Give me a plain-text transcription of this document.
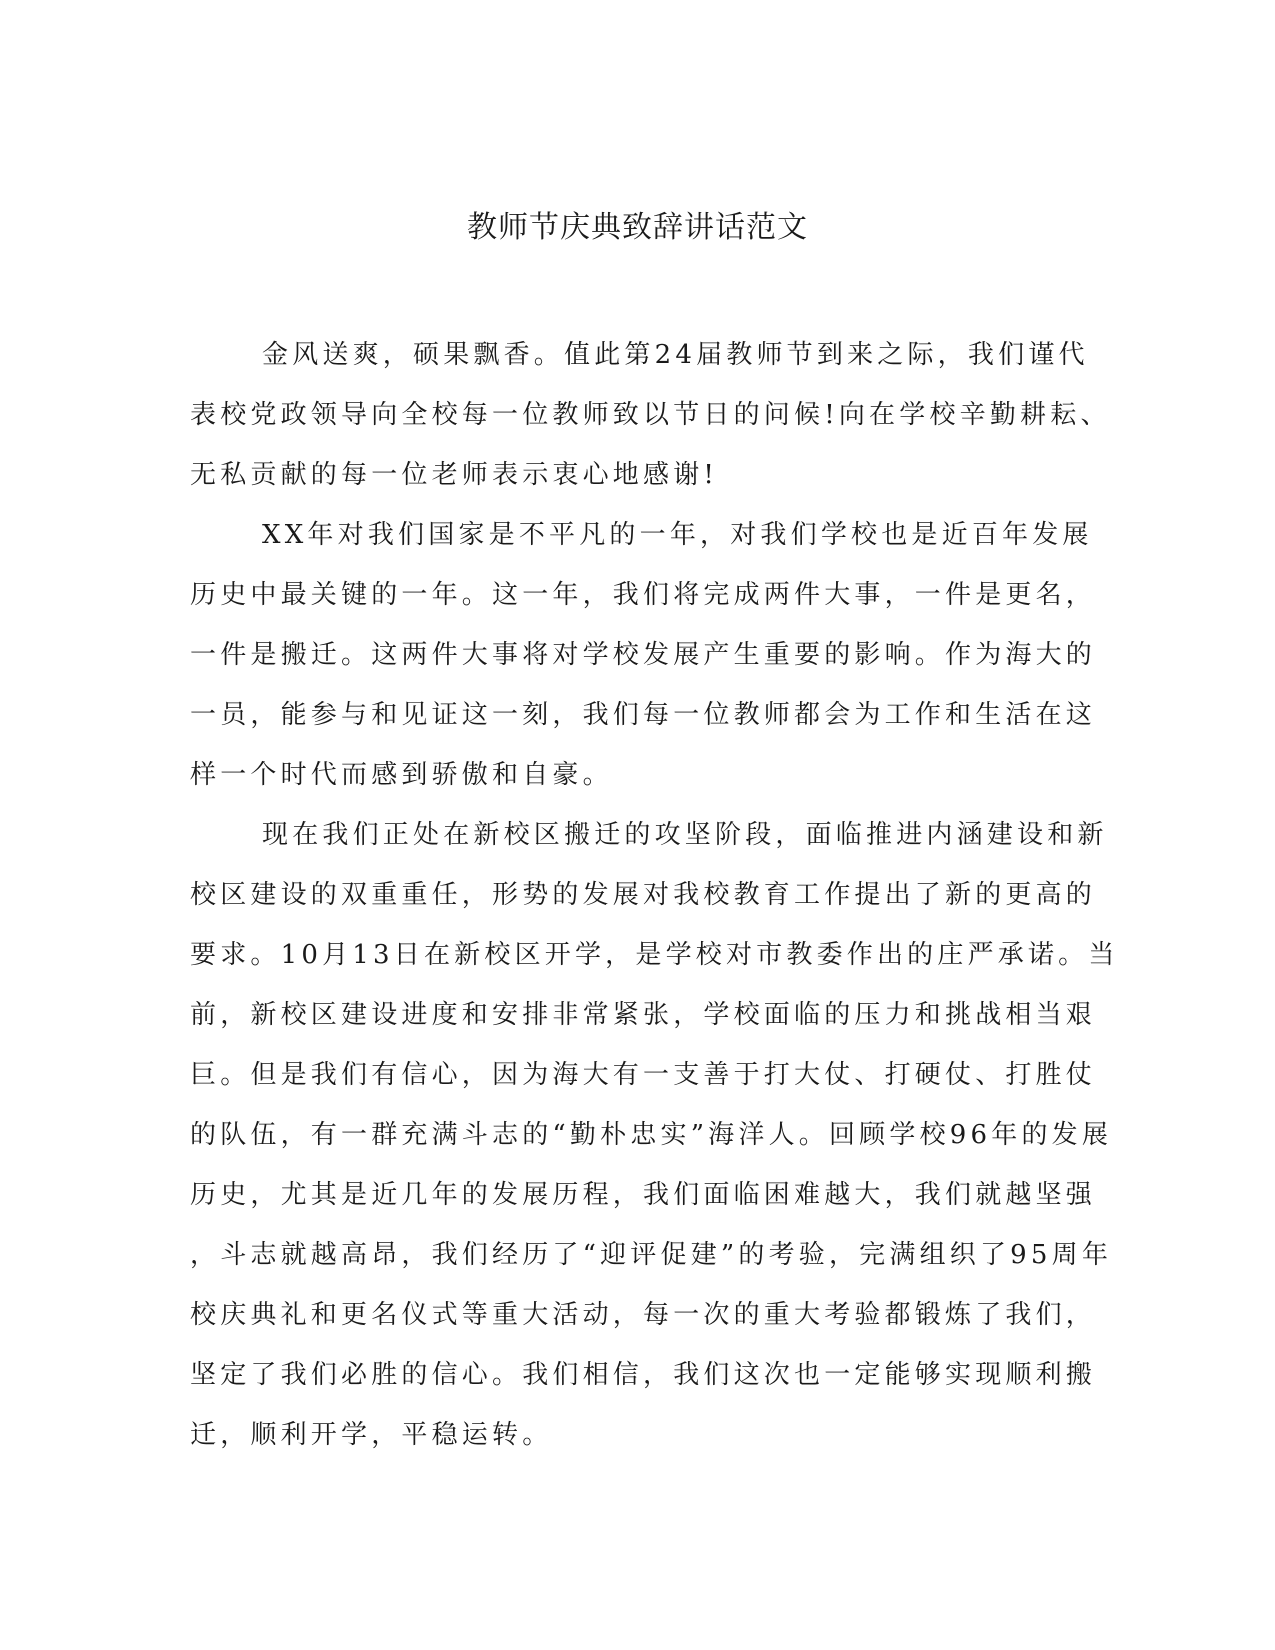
教师节庆典致辞讲话范文
金风送爽，硕果飘香。值此第24届教师节到来之际，我们谨代
表校党政领导向全校每一位教师致以节日的问候!向在学校辛勤耕耘、
无私贡献的每一位老师表示衷心地感谢!
XX年对我们国家是不平凡的一年，对我们学校也是近百年发展
历史中最关键的一年。这一年，我们将完成两件大事，一件是更名，
一件是搬迁。这两件大事将对学校发展产生重要的影响。作为海大的
一员，能参与和见证这一刻，我们每一位教师都会为工作和生活在这
样一个时代而感到骄傲和自豪。
现在我们正处在新校区搬迁的攻坚阶段，面临推进内涵建设和新
校区建设的双重重任，形势的发展对我校教育工作提出了新的更高的
要求。10月13日在新校区开学，是学校对市教委作出的庄严承诺。当
前，新校区建设进度和安排非常紧张，学校面临的压力和挑战相当艰
巨。但是我们有信心，因为海大有一支善于打大仗、打硬仗、打胜仗
的队伍，有一群充满斗志的“勤朴忠实”海洋人。回顾学校96年的发展
历史，尤其是近几年的发展历程，我们面临困难越大，我们就越坚强
，斗志就越高昂，我们经历了“迎评促建”的考验，完满组织了95周年
校庆典礼和更名仪式等重大活动，每一次的重大考验都锻炼了我们，
坚定了我们必胜的信心。我们相信，我们这次也一定能够实现顺利搬
迁，顺利开学，平稳运转。
